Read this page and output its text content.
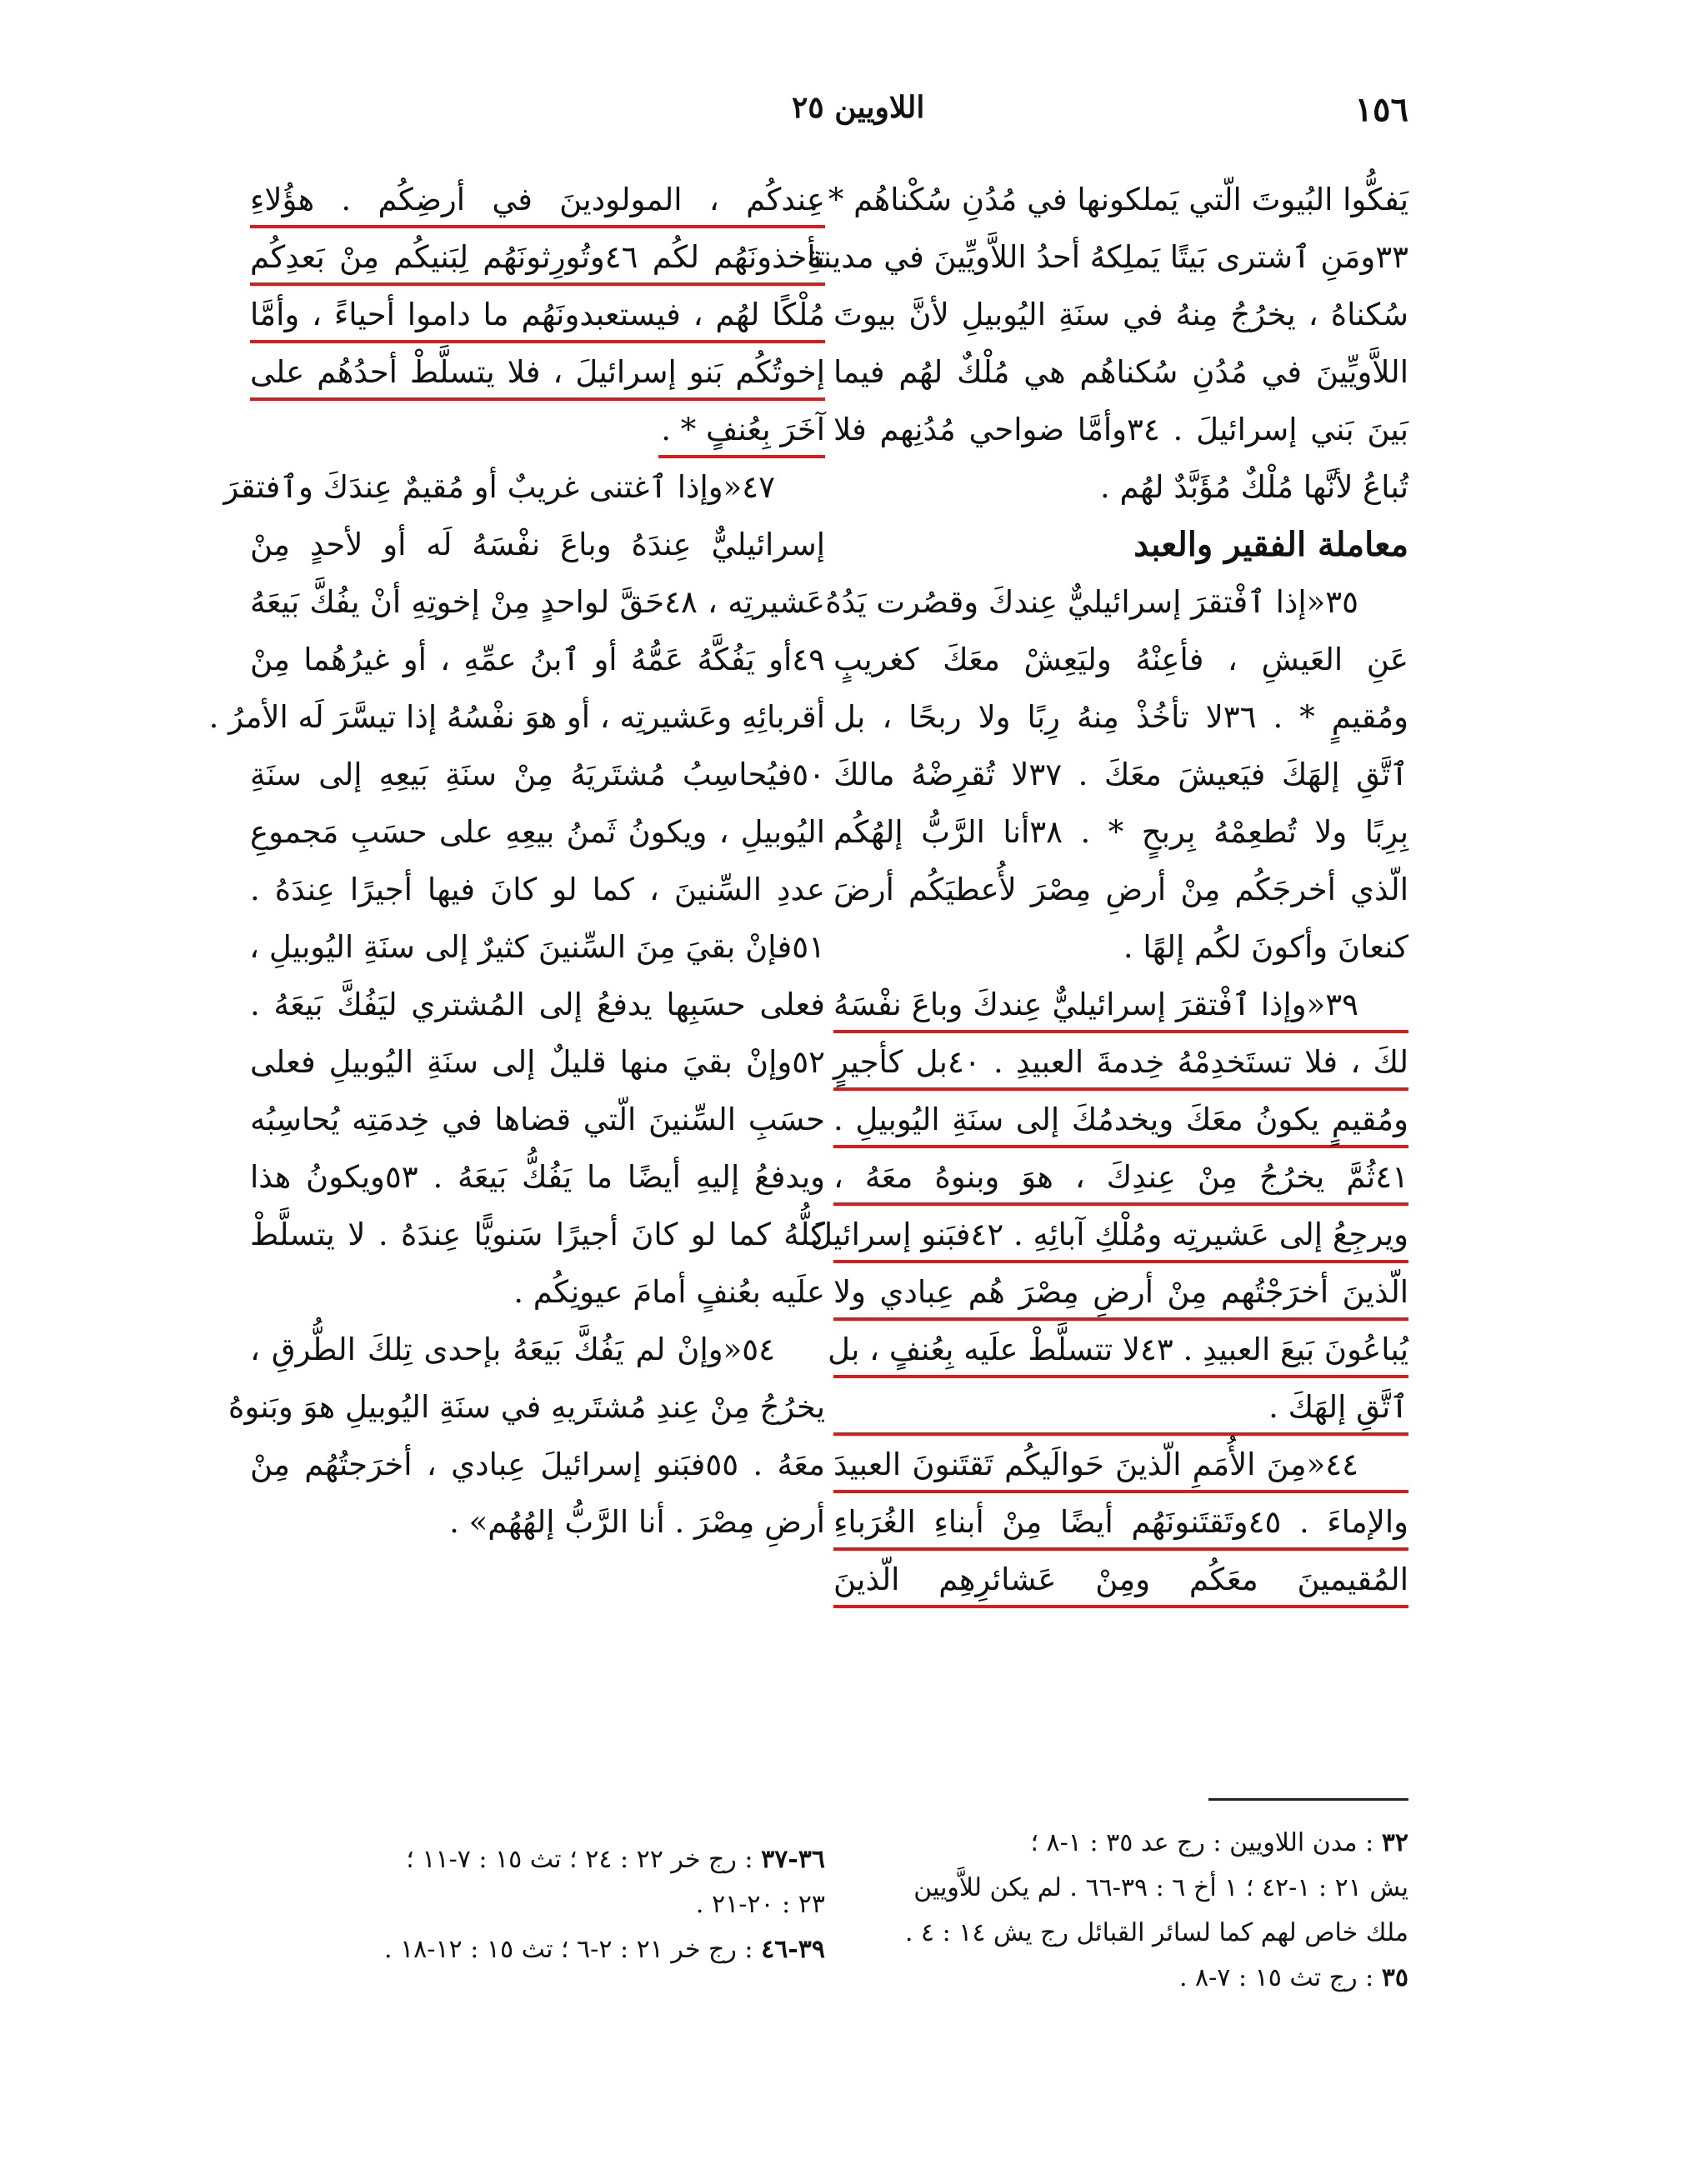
١٥٦
اللاويين ٢٥
يَفكُّوا البُيوتَ الّتي يَملكونها في مُدُنِ سُكْناهُم * .
٣٣ومَنِ ٱشترى بَيتًا يَملِكهُ أحدُ اللاَّويِّينَ في مدينةِ
سُكناهُ ، يخرُجُ مِنهُ في سنَةِ اليُوبيلِ لأنَّ بيوتَ
اللاَّويِّينَ في مُدُنِ سُكناهُم هي مُلْكٌ لهُم فيما
بَينَ بَني إسرائيلَ . ٣٤وأمَّا ضواحي مُدُنِهم فلا
تُباعُ لأنَّها مُلْكٌ مُؤَبَّدٌ لهُم .
معاملة الفقير والعبد
٣٥«إذا ٱفْتقرَ إسرائيليٌّ عِندكَ وقصُرت يَدُهُ
عَنِ العَيشِ ، فأعِنْهُ وليَعِشْ معَكَ كغريبٍ
ومُقيمٍ * . ٣٦لا تأخُذْ مِنهُ رِبًا ولا ربحًا ، بل
ٱتَّقِ إلهَكَ فيَعيشَ معَكَ . ٣٧لا تُقرِضْهُ مالكَ
بِرِبًا ولا تُطعِمْهُ بِربحٍ * . ٣٨أنا الرَّبُّ إلهُكُم
الّذي أخرجَكُم مِنْ أرضِ مِصْرَ لأُعطيَكُم أرضَ
كنعانَ وأكونَ لكُم إلهًا .
٣٩«وإذا ٱفْتقرَ إسرائيليٌّ عِندكَ وباعَ نفْسَهُ
لكَ ، فلا تستَخدِمْهُ خِدمةَ العبيدِ . ٤٠بل كأجيرٍ
ومُقيمٍ يكونُ معَكَ ويخدمُكَ إلى سنَةِ اليُوبيلِ .
٤١ثُمَّ يخرُجُ مِنْ عِندِكَ ، هوَ وبنوهُ معَهُ ،
ويرجِعُ إلى عَشيرتِه ومُلْكِ آبائِهِ . ٤٢فبَنو إسرائيلَ
الّذينَ أخرَجْتُهم مِنْ أرضِ مِصْرَ هُم عِبادي ولا
يُباعُونَ بَيعَ العبيدِ . ٤٣لا تتسلَّطْ علَيه بِعُنفٍ ، بل
ٱتَّقِ إلهَكَ .
٤٤«مِنَ الأُمَمِ الّذينَ حَوالَيكُم تَقتَنونَ العبيدَ
والإماءَ . ٤٥وتَقتَنونَهُم أيضًا مِنْ أبناءِ الغُرَباءِ
المُقيمينَ معَكُم ومِنْ عَشائرِهِم الّذينَ
عِندكُم ، المولودينَ في أرضِكُم . هؤُلاءِ
تأخذونَهُم لكُم ٤٦وتُورِثونَهُم لِبَنيكُم مِنْ بَعدِكُم
مُلْكًا لهُم ، فيستعبدونَهُم ما داموا أحياءً ، وأمَّا
إخوتُكُم بَنو إسرائيلَ ، فلا يتسلَّطْ أحدُهُم على
آخَرَ بِعُنفٍ * .
٤٧«وإذا ٱغتنى غريبٌ أو مُقيمٌ عِندَكَ وٱفتقرَ
إسرائيليٌّ عِندَهُ وباعَ نفْسَهُ لَه أو لأحدٍ مِنْ
عَشيرتِه ، ٤٨حَقَّ لواحدٍ مِنْ إخوتِهِ أنْ يفُكَّ بَيعَهُ
٤٩أو يَفُكَّهُ عَمُّهُ أو ٱبنُ عمِّهِ ، أو غيرُهُما مِنْ
أقربائِهِ وعَشيرتِه ، أو هوَ نفْسُهُ إذا تيسَّرَ لَه الأمرُ .
٥٠فيُحاسِبُ مُشتَريَهُ مِنْ سنَةِ بَيعِهِ إلى سنَةِ
اليُوبيلِ ، ويكونُ ثَمنُ بيعِهِ على حسَبِ مَجموعِ
عددِ السِّنينَ ، كما لو كانَ فيها أجيرًا عِندَهُ .
٥١فإنْ بقيَ مِنَ السِّنينَ كثيرٌ إلى سنَةِ اليُوبيلِ ،
فعلى حسَبِها يدفعُ إلى المُشتري ليَفُكَّ بَيعَهُ .
٥٢وإنْ بقيَ منها قليلٌ إلى سنَةِ اليُوبيلِ فعلى
حسَبِ السِّنينَ الّتي قضاها في خِدمَتِه يُحاسِبُه
ويدفعُ إليهِ أيضًا ما يَفُكُّ بَيعَهُ . ٥٣ويكونُ هذا
كلُّهُ كما لو كانَ أجيرًا سَنويًّا عِندَهُ . لا يتسلَّطْ
علَيه بعُنفٍ أمامَ عيونِكُم .
٥٤«وإنْ لم يَفُكَّ بَيعَهُ بإحدى تِلكَ الطُّرقِ ،
يخرُجُ مِنْ عِندِ مُشتَريهِ في سنَةِ اليُوبيلِ هوَ وبَنوهُ
معَهُ . ٥٥فبَنو إسرائيلَ عِبادي ، أخرَجتُهُم مِنْ
أرضِ مِصْرَ . أنا الرَّبُّ إلهُهُم» .
٣٢ : مدن اللاويين : رج عد ٣٥ : ١-٨ ؛
يش ٢١ : ١-٤٢ ؛ ١ أخ ٦ : ٣٩-٦٦ . لم يكن للاَّويين
ملك خاص لهم كما لسائر القبائل رج يش ١٤ : ٤ .
٣٥ : رج تث ١٥ : ٧-٨ .
٣٦-٣٧ : رج خر ٢٢ : ٢٤ ؛ تث ١٥ : ٧-١١ ؛
٢٣ : ٢٠-٢١ .
٣٩-٤٦ : رج خر ٢١ : ٢-٦ ؛ تث ١٥ : ١٢-١٨ .
